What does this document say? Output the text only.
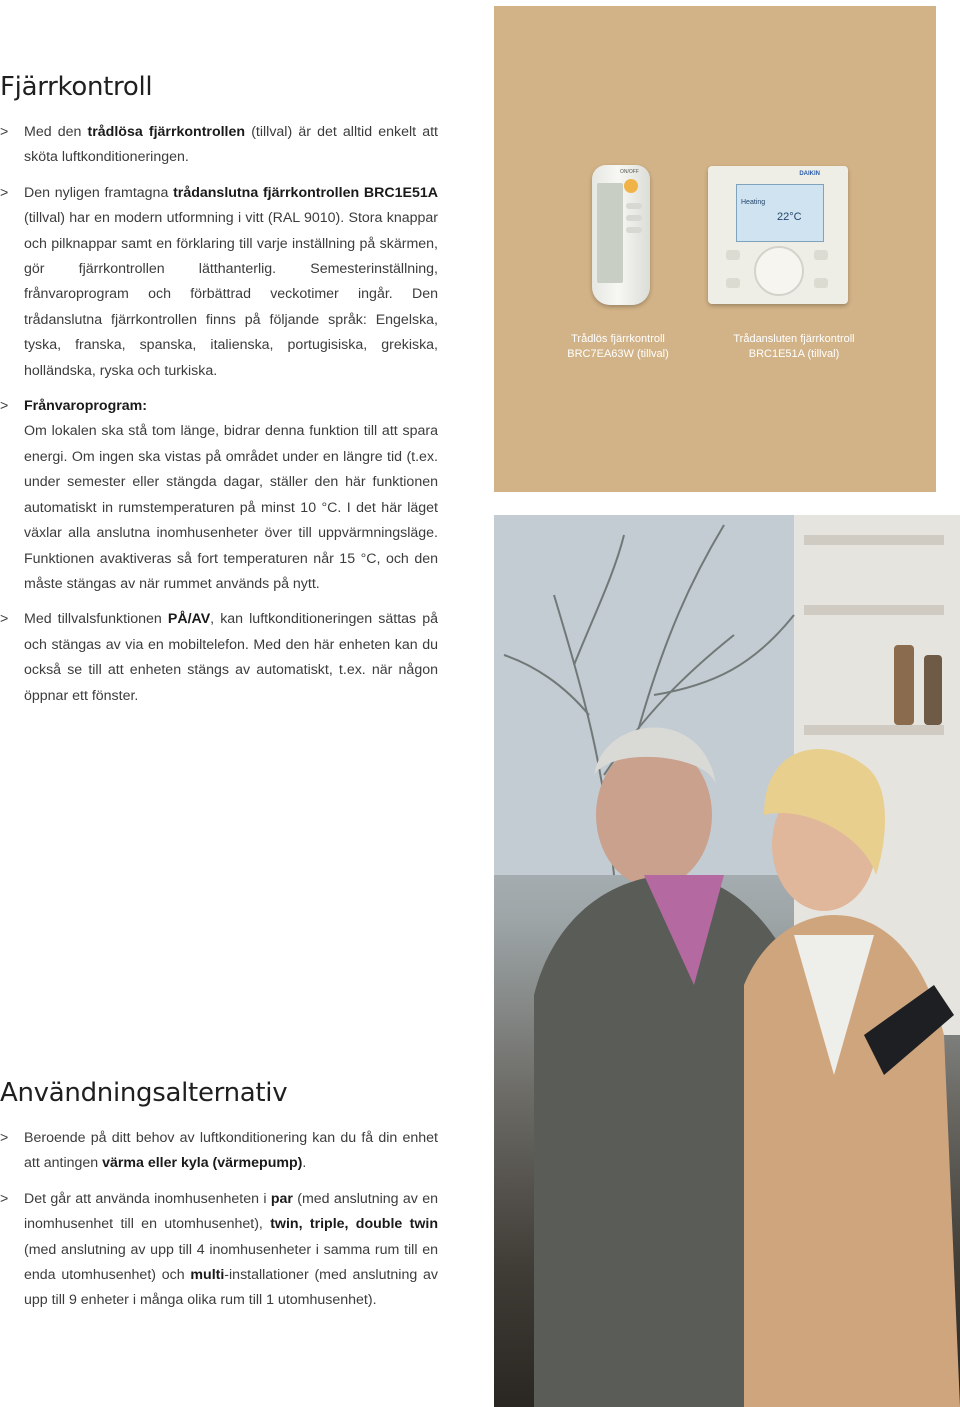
Fjärrkontroll
> Med den trådlösa fjärrkontrollen (tillval) är det alltid enkelt att sköta luftkonditioneringen.
> Den nyligen framtagna trådanslutna fjärrkontrollen BRC1E51A (tillval) har en modern utformning i vitt (RAL 9010). Stora knappar och pilknappar samt en förklaring till varje inställning på skärmen, gör fjärrkontrollen lätthanterlig. Semesterinställning, frånvaroprogram och förbättrad veckotimer ingår. Den trådanslutna fjärrkontrollen finns på följande språk: Engelska, tyska, franska, spanska, italienska, portugisiska, grekiska, holländska, ryska och turkiska.
> Frånvaroprogram:
Om lokalen ska stå tom länge, bidrar denna funktion till att spara energi. Om ingen ska vistas på området under en längre tid (t.ex. under semester eller stängda dagar, ställer den här funktionen automatiskt in rumstemperaturen på minst 10 °C. I det här läget växlar alla anslutna inomhusenheter över till uppvärmningsläge. Funktionen avaktiveras så fort temperaturen når 15 °C, och den måste stängas av när rummet används på nytt.
> Med tillvalsfunktionen PÅ/AV, kan luftkonditioneringen sättas på och stängas av via en mobiltelefon. Med den här enheten kan du också se till att enheten stängs av automatiskt, t.ex. när någon öppnar ett fönster.
Användningsalternativ
> Beroende på ditt behov av luftkonditionering kan du få din enhet att antingen värma eller kyla (värmepump).
> Det går att använda inomhusenheten i par (med anslutning av en inomhusenhet till en utomhusenhet), twin, triple, double twin (med anslutning av upp till 4 inomhusenheter i samma rum till en enda utomhusenhet) och multi-installationer (med anslutning av upp till 9 enheter i många olika rum till 1 utomhusenhet).
ON/OFF	DAIKIN
Heating
22°C
Trådlös fjärrkontroll
BRC7EA63W (tillval)
Trådansluten fjärrkontroll
BRC1E51A (tillval)
